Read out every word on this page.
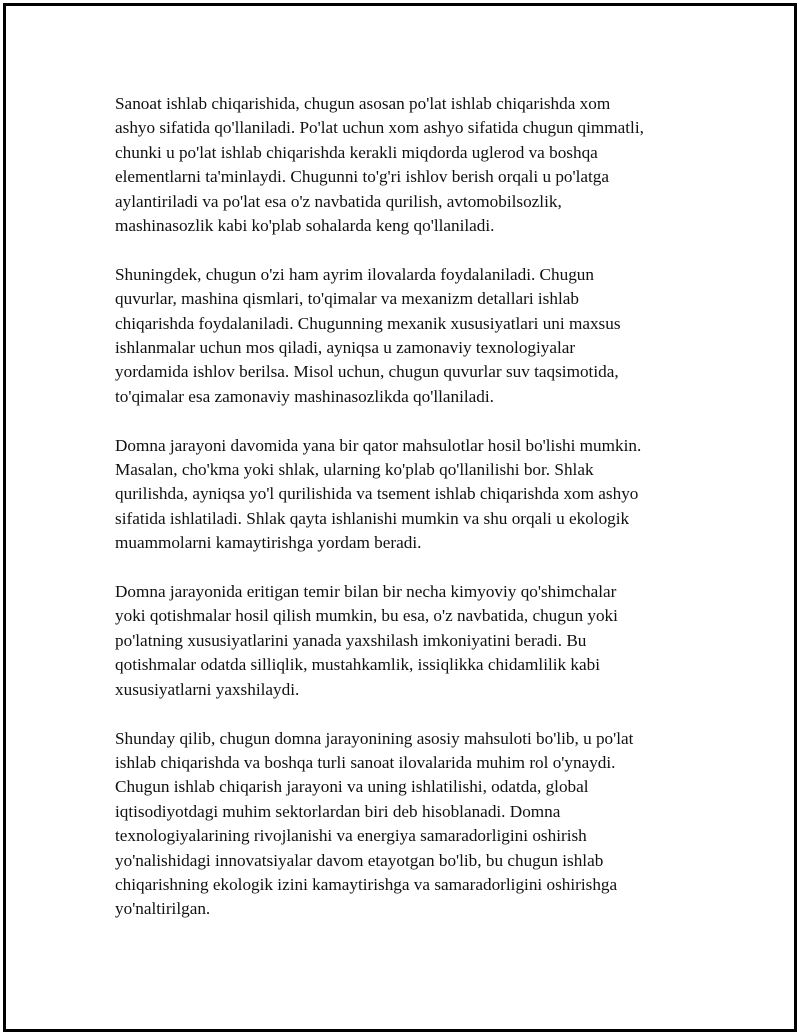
Sanoat ishlab chiqarishida, chugun asosan po'lat ishlab chiqarishda xom
ashyo sifatida qo'llaniladi. Po'lat uchun xom ashyo sifatida chugun qimmatli,
chunki u po'lat ishlab chiqarishda kerakli miqdorda uglerod va boshqa
elementlarni ta'minlaydi. Chugunni to'g'ri ishlov berish orqali u po'latga
aylantiriladi va po'lat esa o'z navbatida qurilish, avtomobilsozlik,
mashinasozlik kabi ko'plab sohalarda keng qo'llaniladi.

Shuningdek, chugun o'zi ham ayrim ilovalarda foydalaniladi. Chugun
quvurlar, mashina qismlari, to'qimalar va mexanizm detallari ishlab
chiqarishda foydalaniladi. Chugunning mexanik xususiyatlari uni maxsus
ishlanmalar uchun mos qiladi, ayniqsa u zamonaviy texnologiyalar
yordamida ishlov berilsa. Misol uchun, chugun quvurlar suv taqsimotida,
to'qimalar esa zamonaviy mashinasozlikda qo'llaniladi.

Domna jarayoni davomida yana bir qator mahsulotlar hosil bo'lishi mumkin.
Masalan, cho'kma yoki shlak, ularning ko'plab qo'llanilishi bor. Shlak
qurilishda, ayniqsa yo'l qurilishida va tsement ishlab chiqarishda xom ashyo
sifatida ishlatiladi. Shlak qayta ishlanishi mumkin va shu orqali u ekologik
muammolarni kamaytirishga yordam beradi.

Domna jarayonida eritigan temir bilan bir necha kimyoviy qo'shimchalar
yoki qotishmalar hosil qilish mumkin, bu esa, o'z navbatida, chugun yoki
po'latning xususiyatlarini yanada yaxshilash imkoniyatini beradi. Bu
qotishmalar odatda silliqlik, mustahkamlik, issiqlikka chidamlilik kabi
xususiyatlarni yaxshilaydi.

Shunday qilib, chugun domna jarayonining asosiy mahsuloti bo'lib, u po'lat
ishlab chiqarishda va boshqa turli sanoat ilovalarida muhim rol o'ynaydi.
Chugun ishlab chiqarish jarayoni va uning ishlatilishi, odatda, global
iqtisodiyotdagi muhim sektorlardan biri deb hisoblanadi. Domna
texnologiyalarining rivojlanishi va energiya samaradorligini oshirish
yo'nalishidagi innovatsiyalar davom etayotgan bo'lib, bu chugun ishlab
chiqarishning ekologik izini kamaytirishga va samaradorligini oshirishga
yo'naltirilgan.
